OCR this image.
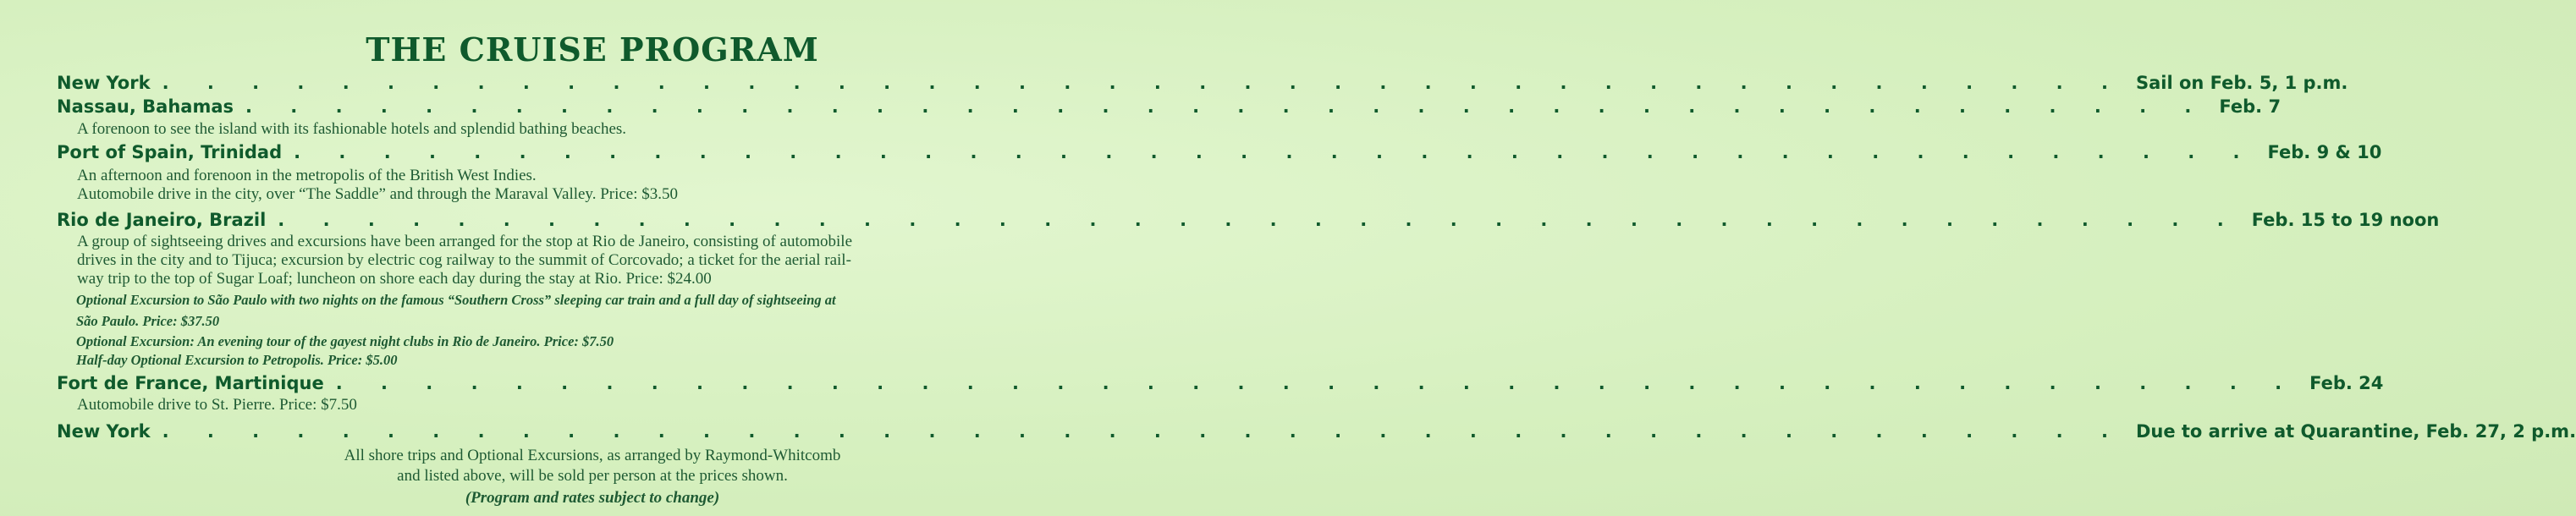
THE CRUISE PROGRAM
New York . . . . . . . . . . . . . . . . . . . . . . . . . . . . . . . . . . . . . . . . . . . . Sail on Feb. 5, 1 p.m.
Nassau, Bahamas . . . . . . . . . . . . . . . . . . . . . . . . . . . . . . . . . . . . . . . . . . . . Feb. 7
A forenoon to see the island with its fashionable hotels and splendid bathing beaches.
Port of Spain, Trinidad . . . . . . . . . . . . . . . . . . . . . . . . . . . . . . . . . . . . . . . . . . . . Feb. 9 & 10
An afternoon and forenoon in the metropolis of the British West Indies.
Automobile drive in the city, over “The Saddle” and through the Maraval Valley. Price: $3.50
Rio de Janeiro, Brazil . . . . . . . . . . . . . . . . . . . . . . . . . . . . . . . . . . . . . . . . . . . . Feb. 15 to 19 noon
A group of sightseeing drives and excursions have been arranged for the stop at Rio de Janeiro, consisting of automobile
drives in the city and to Tijuca; excursion by electric cog railway to the summit of Corcovado; a ticket for the aerial rail-
way trip to the top of Sugar Loaf; luncheon on shore each day during the stay at Rio. Price: $24.00
Optional Excursion to São Paulo with two nights on the famous “Southern Cross” sleeping car train and a full day of sightseeing at
São Paulo. Price: $37.50
Optional Excursion: An evening tour of the gayest night clubs in Rio de Janeiro. Price: $7.50
Half-day Optional Excursion to Petropolis. Price: $5.00
Fort de France, Martinique . . . . . . . . . . . . . . . . . . . . . . . . . . . . . . . . . . . . . . . . . . . . Feb. 24
Automobile drive to St. Pierre. Price: $7.50
New York . . . . . . . . . . . . . . . . . . . . . . . . . . . . . . . . . . . . . . . . . . . . Due to arrive at Quarantine, Feb. 27, 2 p.m.
All shore trips and Optional Excursions, as arranged by Raymond-Whitcomb
and listed above, will be sold per person at the prices shown.
(Program and rates subject to change)
